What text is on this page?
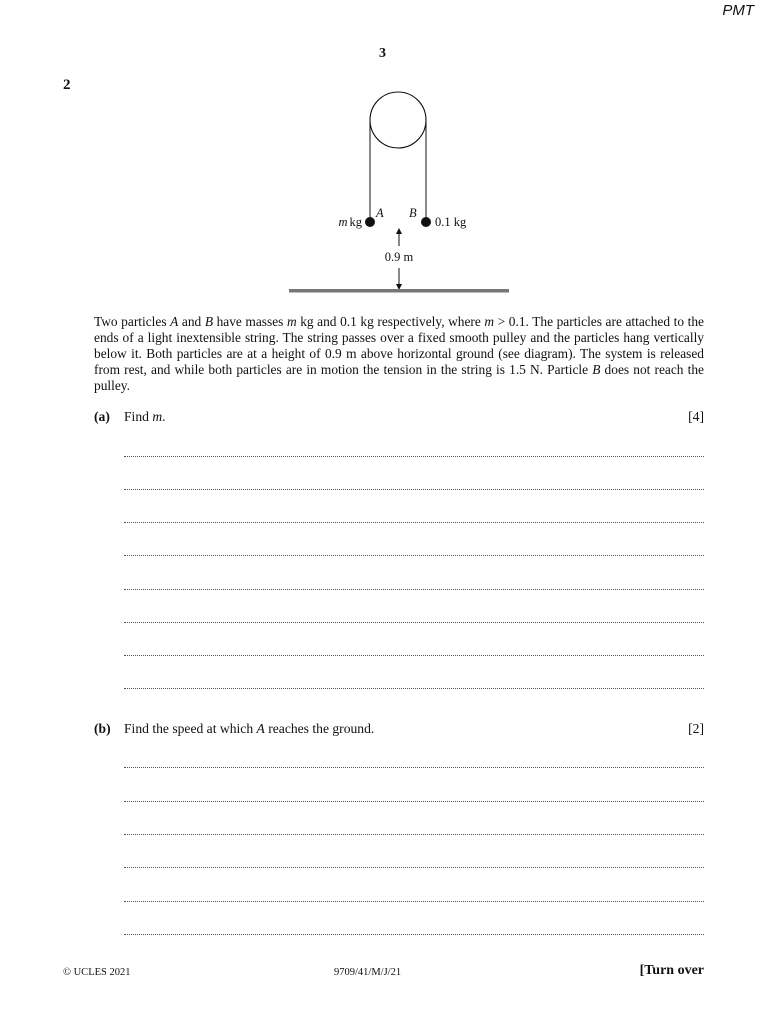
PMT
3
2
A B
m kg	0.1 kg
0.9 m
Two particles A and B have masses m kg and 0.1 kg respectively, where m > 0.1. The particles are attached to the ends of a light inextensible string. The string passes over a fixed smooth pulley and the particles hang vertically below it. Both particles are at a height of 0.9 m above horizontal ground (see diagram). The system is released from rest, and while both particles are in motion the tension in the string is 1.5 N. Particle B does not reach the pulley.
(a) Find m.	[4]
(b) Find the speed at which A reaches the ground.	[2]
© UCLES 2021	9709/41/M/J/21	[Turn over
